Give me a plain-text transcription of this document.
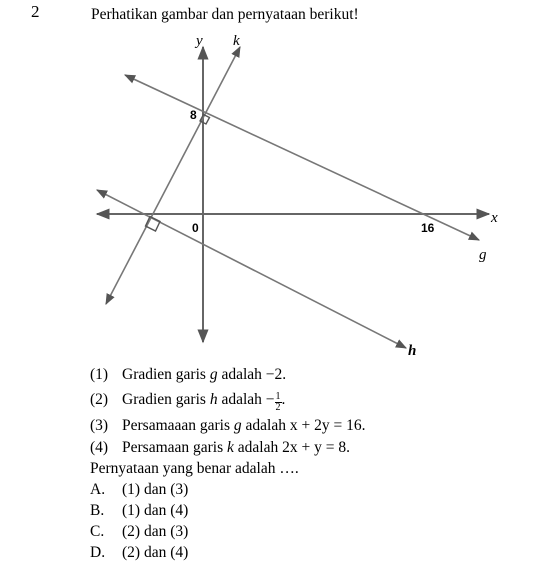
2	Perhatikan gambar dan pernyataan berikut!
y k
x
g
h
8
0	16
(1) Gradien garis g adalah −2.
(2) Gradien garis h adalah − $\frac{1}{2}$ .
(3) Persamaaan garis g adalah x + 2y = 16.
(4) Persamaan garis k adalah 2x + y = 8.
Pernyataan yang benar adalah ….
A. (1) dan (3)
B. (1) dan (4)
C. (2) dan (3)
D. (2) dan (4)
